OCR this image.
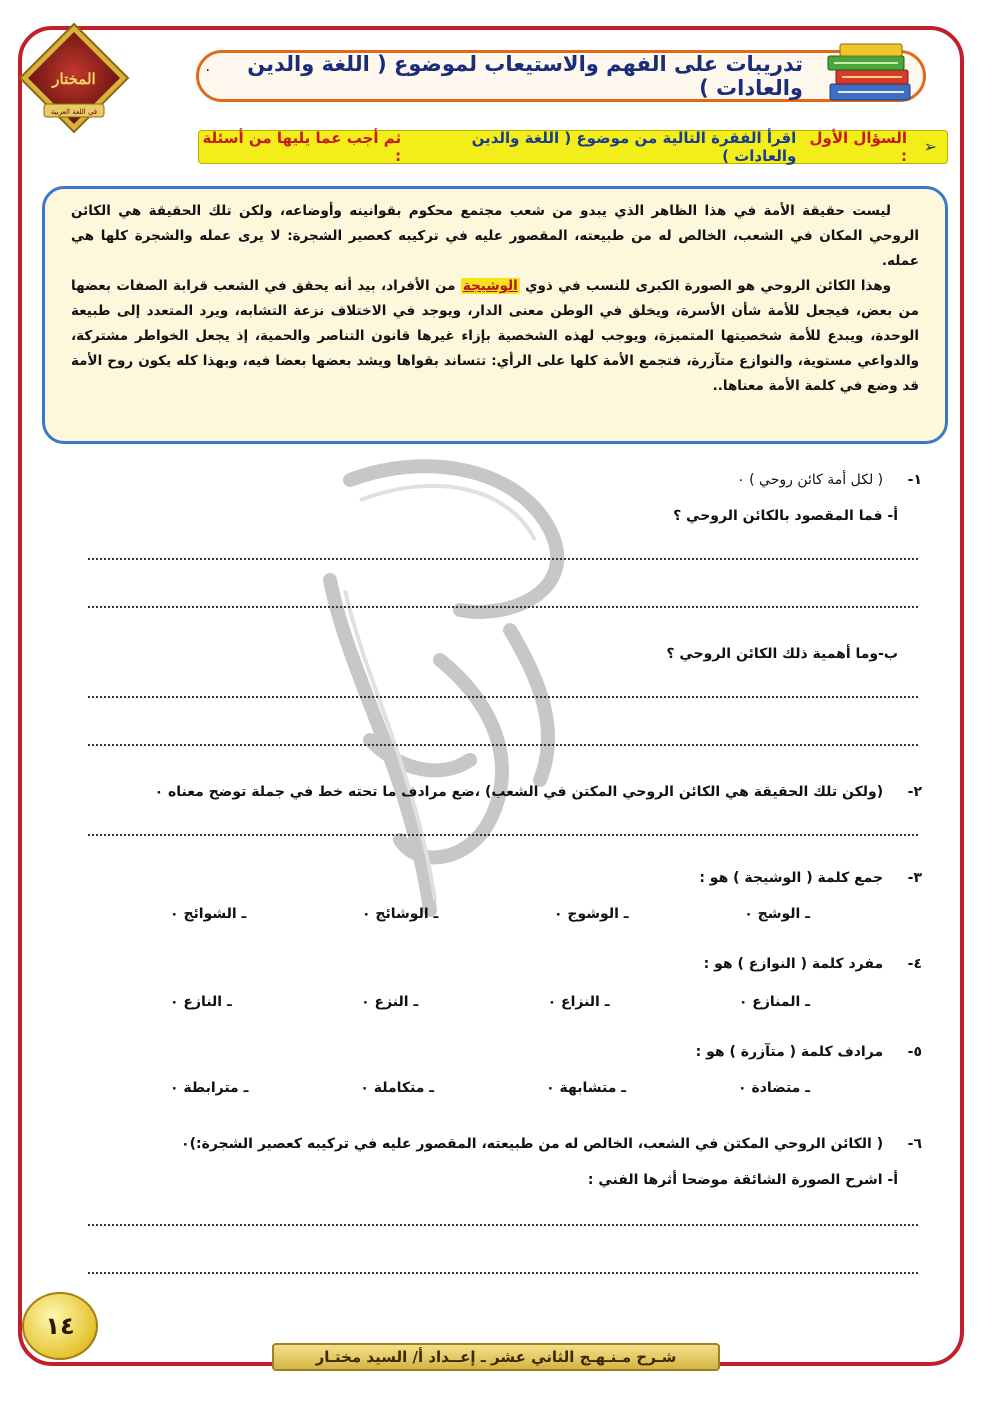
المختار
في اللغة العربية
تدريبات على الفهم والاستيعاب لموضوع ( اللغة والدين والعادات )
٠
➢
السؤال الأول :
اقرأ الفقرة التالية من موضوع ( اللغة والدين والعادات )
ثم أجب عما يليها من أسئلة :

ليست حقيقة الأمة في هذا الظاهر الذي يبدو من شعب مجتمع محكوم بقوانينه وأوضاعه، ولكن تلك الحقيقة هي الكائن الروحي المكان في الشعب، الخالص له من طبيعته، المقصور عليه في تركيبه كعصير الشجرة: لا يرى عمله والشجرة كلها هي عمله.

وهذا الكائن الروحي هو الصورة الكبرى للنسب في ذوي الوشيجة من الأفراد، بيد أنه يحقق في الشعب قرابة الصفات بعضها من بعض، فيجعل للأمة شأن الأسرة، ويخلق في الوطن معنى الدار، ويوجد في الاختلاف نزعة التشابه، ويرد المتعدد إلى طبيعة الوحدة، ويبدع للأمة شخصيتها المتميزة، ويوجب لهذه الشخصية بإزاء غيرها قانون التناصر والحمية، إذ يجعل الخواطر مشتركة، والدواعي مستوية، والنوازع متآزرة، فتجمع الأمة كلها على الرأي: تتساند بقواها ويشد بعضها بعضا فيه، وبهذا كله يكون روح الأمة قد وضع في كلمة الأمة معناها..

١- ( لكل أمة كائن روحي ) ٠
أ- فما المقصود بالكائن الروحي ؟
ب-وما أهمية ذلك الكائن الروحي ؟
٢- (ولكن تلك الحقيقة هي الكائن الروحي المكتن في الشعب) ،ضع مرادف ما تحته خط في جملة توضح معناه ٠
٣- جمع كلمة ( الوشيجة ) هو :
ـ الوشج ٠
ـ الوشوج ٠
ـ الوشائج ٠
ـ الشوائج ٠
٤- مفرد كلمة ( النوازع ) هو :
ـ المنازع ٠
ـ النزاع ٠
ـ النزع ٠
ـ النازع ٠
٥- مرادف كلمة ( متآزرة ) هو :
ـ متضادة ٠
ـ متشابهة ٠
ـ متكاملة ٠
ـ مترابطة ٠
٦- ( الكائن الروحي المكتن في الشعب، الخالص له من طبيعته، المقصور عليه في تركيبه كعصير الشجرة:)٠
أ- اشرح الصورة الشائقة موضحا أثرها الفني :
١٤
شـرح مـنـهـج الثاني عشر ـ إعــداد أ/ السيد مختـار
